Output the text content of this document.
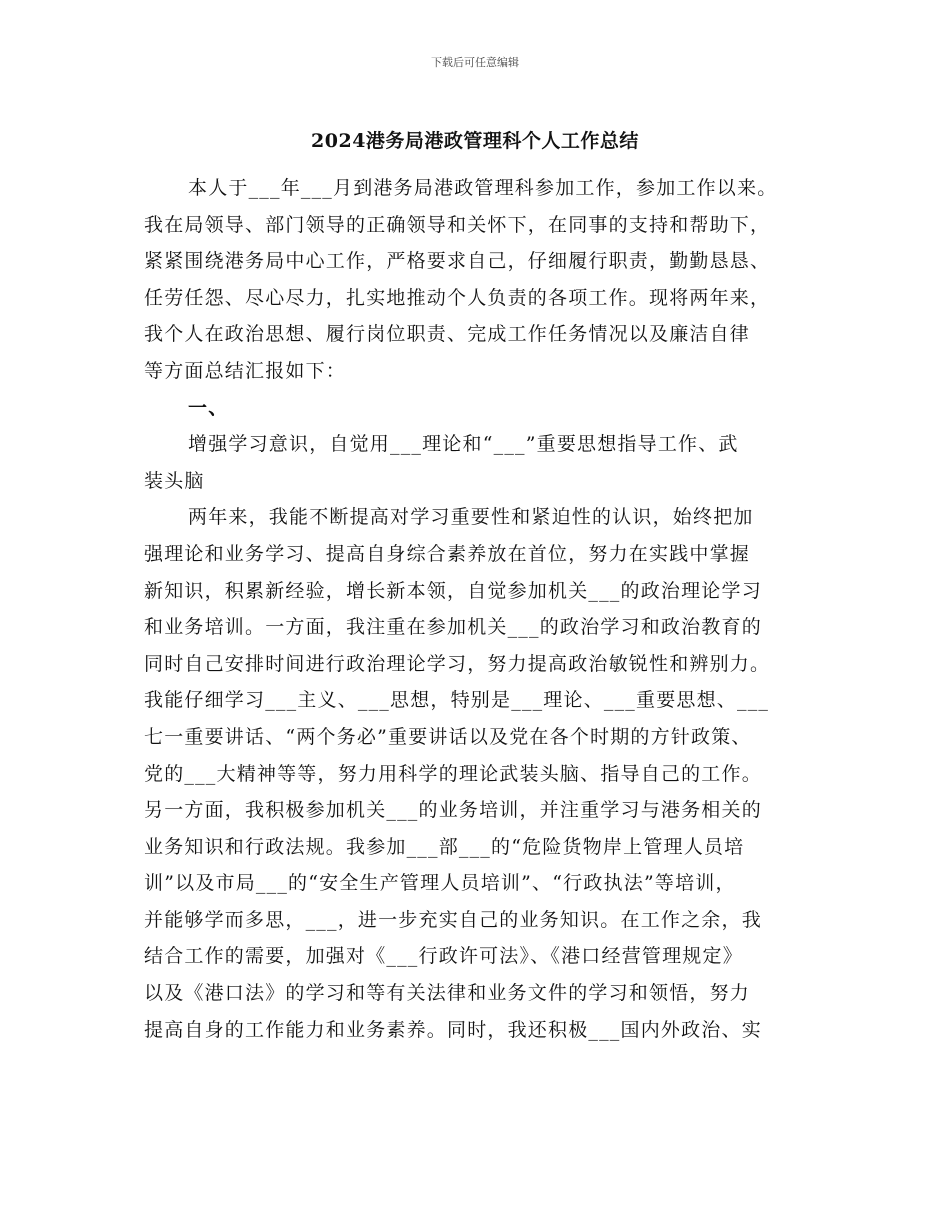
下载后可任意编辑
2024港务局港政管理科个人工作总结
本人于___年___月到港务局港政管理科参加工作，参加工作以来。
我在局领导、部门领导的正确领导和关怀下，在同事的支持和帮助下，
紧紧围绕港务局中心工作，严格要求自己，仔细履行职责，勤勤恳恳、
任劳任怨、尽心尽力，扎实地推动个人负责的各项工作。现将两年来，
我个人在政治思想、履行岗位职责、完成工作任务情况以及廉洁自律
等方面总结汇报如下：
一、
增强学习意识，自觉用___理论和“___”重要思想指导工作、武
装头脑
两年来，我能不断提高对学习重要性和紧迫性的认识，始终把加
强理论和业务学习、提高自身综合素养放在首位，努力在实践中掌握
新知识，积累新经验，增长新本领，自觉参加机关___的政治理论学习
和业务培训。一方面，我注重在参加机关___的政治学习和政治教育的
同时自己安排时间进行政治理论学习，努力提高政治敏锐性和辨别力。
我能仔细学习___主义、___思想，特别是___理论、___重要思想、___
七一重要讲话、“两个务必”重要讲话以及党在各个时期的方针政策、
党的___大精神等等，努力用科学的理论武装头脑、指导自己的工作。
另一方面，我积极参加机关___的业务培训，并注重学习与港务相关的
业务知识和行政法规。我参加___部___的“危险货物岸上管理人员培
训”以及市局___的“安全生产管理人员培训”、“行政执法”等培训，
并能够学而多思，___，进一步充实自己的业务知识。在工作之余，我
结合工作的需要，加强对《___行政许可法》、《港口经营管理规定》
以及《港口法》的学习和等有关法律和业务文件的学习和领悟，努力
提高自身的工作能力和业务素养。同时，我还积极___国内外政治、实
